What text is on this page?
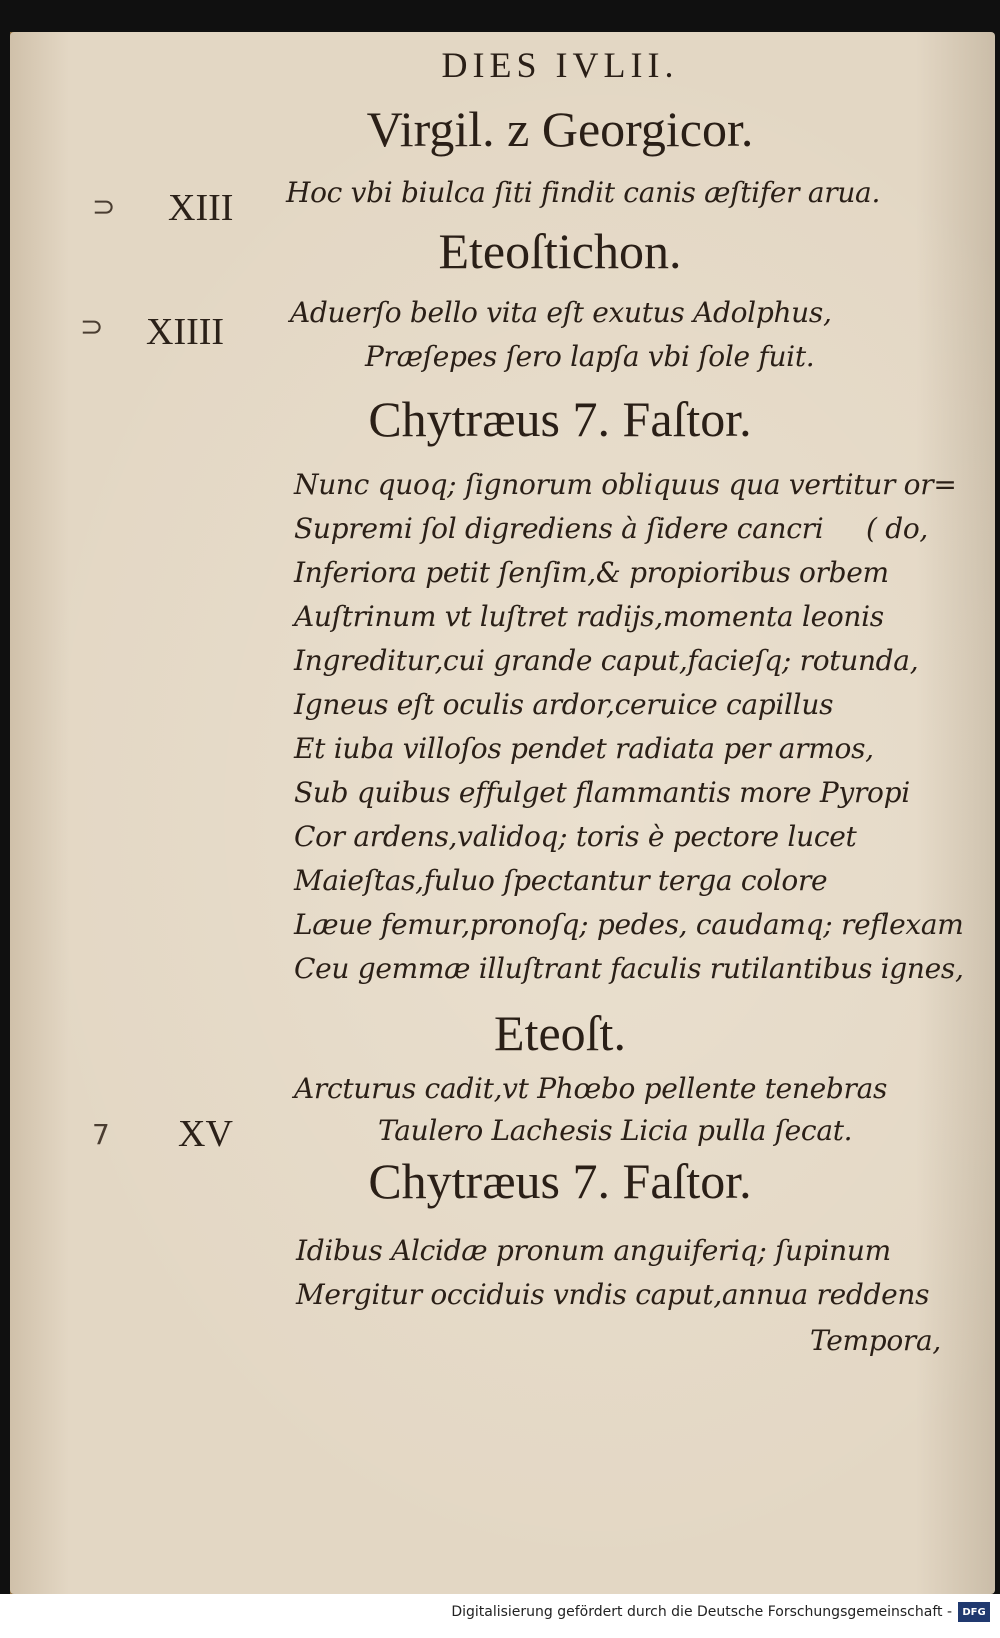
DIES IVLII.
Virgil. z Georgicor.
⊃ XIII Hoc vbi biulca ſiti findit canis æſtifer arua.
Eteoſtichon.
⊃ XIIII Aduerſo bello vita eſt exutus Adolphus,
Præſepes ſero lapſa vbi ſole fuit.
Chytræus 7. Faſtor.
Nunc quoq; ſignorum obliquus qua vertitur or=
Supremi ſol digrediens à ſidere cancri ( do,
Inferiora petit ſenſim,& propioribus orbem
Auſtrinum vt luſtret radijs,momenta leonis
Ingreditur,cui grande caput,facieſq; rotunda,
Igneus eſt oculis ardor,ceruice capillus
Et iuba villoſos pendet radiata per armos,
Sub quibus effulget flammantis more Pyropi
Cor ardens,validoq; toris è pectore lucet
Maieſtas,fuluo ſpectantur terga colore
Læue femur,pronoſq; pedes, caudamq; reflexam
Ceu gemmæ illuſtrant faculis rutilantibus ignes,
Eteoſt.
Arcturus cadit,vt Phœbo pellente tenebras
7 XV	Taulero Lachesis Licia pulla ſecat.
Chytræus 7. Faſtor.
Idibus Alcidæ pronum anguiferiq; ſupinum
Mergitur occiduis vndis caput,annua reddens
Tempora,
Digitalisierung gefördert durch die Deutsche Forschungsgemeinschaft -	DFG
